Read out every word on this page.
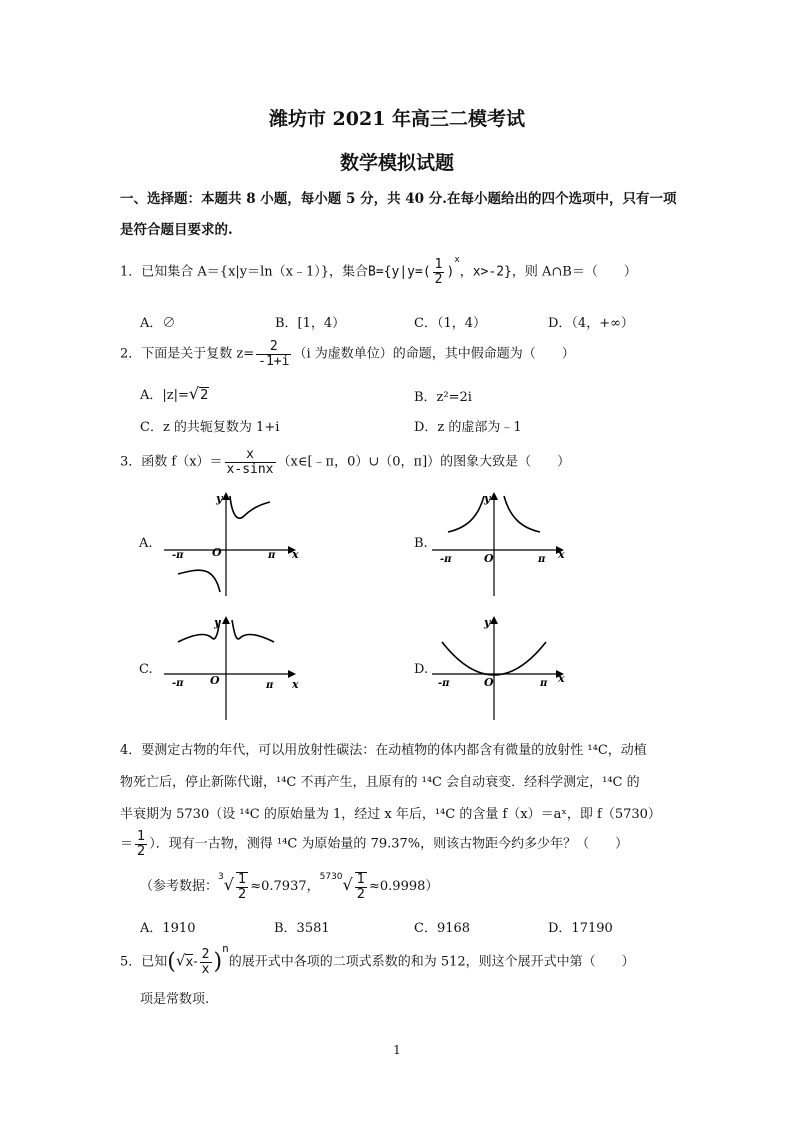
潍坊市 2021 年高三二模考试
数学模拟试题
一、选择题：本题共 8 小题，每小题 5 分，共 40 分.在每小题给出的四个选项中，只有一项
是符合题目要求的.
1．已知集合 A＝{x|y＝ln（x﹣1）}，集合$B=\{y|y=( \frac{1}{2} )^x$，x>-2}，则 A∩B＝（　　）
A．∅	B．[1，4）	C．（1，4）	D．（4，+∞）
2．下面是关于复数 $z= \frac{2}{-1+i} (i$ 为虚数单位）的命题，其中假命题为（　　）
A．|z|=√2	B．z²=2i
C．z 的共轭复数为 1+i	D．z 的虚部为﹣1
3．函数 $f(x)= \frac{x}{x-\sin x}$ （x∈[﹣π，0）∪（0，π]）的图象大致是（　　）
A.	B.
C.	D.
y
x
O
-π	π
y
x
O
-π	π
y
x
O
-π	π
y
x
O
-π	π
4．要测定古物的年代，可以用放射性碳法：在动植物的体内都含有微量的放射性 ¹⁴C，动植
物死亡后，停止新陈代谢，¹⁴C 不再产生，且原有的 ¹⁴C 会自动衰变．经科学测定，¹⁴C 的
半衰期为 5730（设 ¹⁴C 的原始量为 1，经过 x 年后，¹⁴C 的含量 f（x）＝aˣ，即 f（5730）
＝ $\frac{1}{2}$ ）．现有一古物，测得 ¹⁴C 为原始量的 79.37%，则该古物距今约多少年？（　　）
（参考数据：$^3√ \frac{1}{2} \approx 0.7937$，$^{5730}√ \frac{1}{2} \approx 0.9998$）
A．1910	B．3581	C．9168	D．17190
5．已知$(√x- \frac{2}{x} )^n$的展开式中各项的二项式系数的和为 512，则这个展开式中第（　　）
项是常数项.
1
